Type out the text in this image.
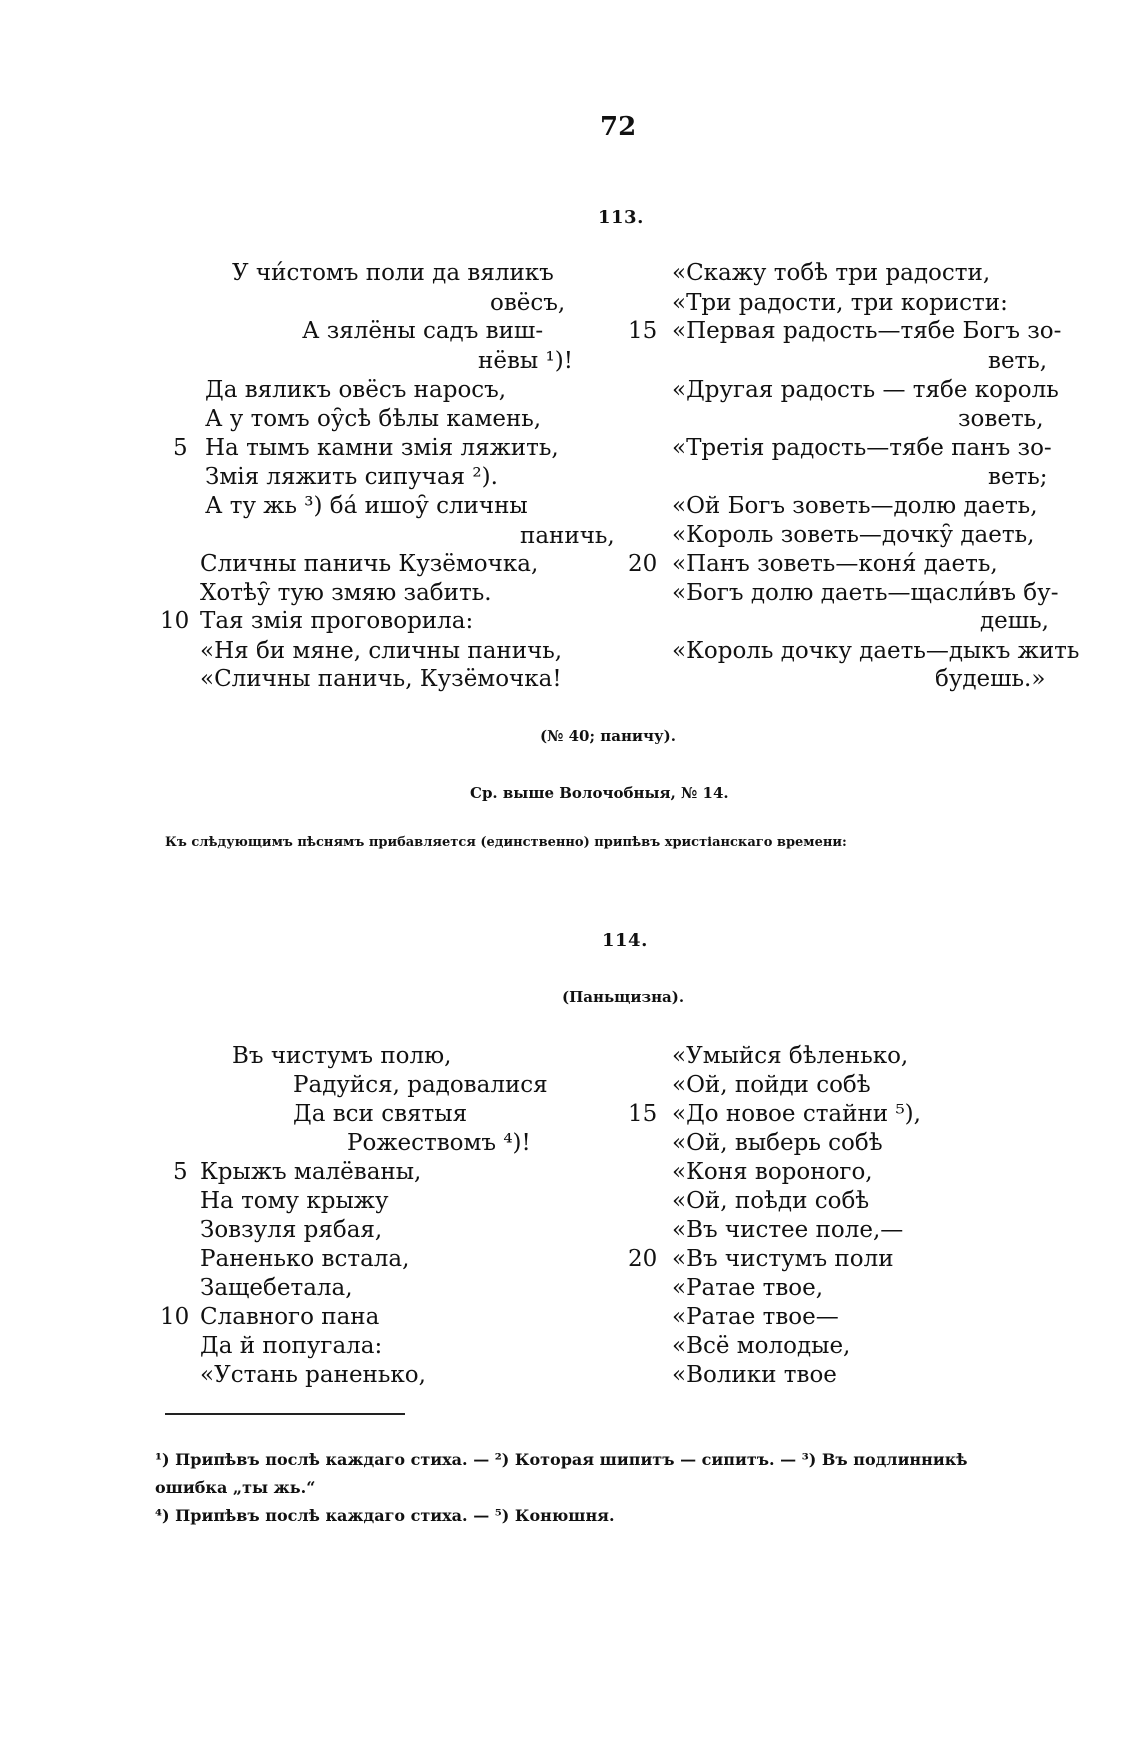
72
113.
У чи́стомъ поли да вяликъ
овёсъ,
А зялёны садъ виш-
нёвы ¹)!
Да вяликъ овёсъ наросъ,
А у томъ оу̑сѣ бѣлы камень,
5 На тымъ камни змія ляжить,
Змія ляжить сипучая ²).
А ту жь ³) ба́ ишоу̑ сличны
паничь,
Сличны паничь Кузёмочка,
Хотѣу̑ тую змяю забить.
10 Тая змія проговорила:
«Ня би мяне, сличны паничь,
«Сличны паничь, Кузёмочка!
«Скажу тобѣ три радости,
«Три радости, три користи:
15 «Первая радость—тябе Богъ зо-
веть,
«Другая радость — тябе король
зоветь,
«Третія радость—тябе панъ зо-
веть;
«Ой Богъ зоветь—долю даеть,
«Король зоветь—дочку̑ даеть,
20 «Панъ зоветь—коня́ даеть,
«Богъ долю даеть—щасли́въ бу-
дешь,
«Король дочку даеть—дыкъ жить
будешь.»
(№ 40; паничу).
Ср. выше Волочобныя, № 14.
Къ слѣдующимъ пѣснямъ прибавляется (единственно) припѣвъ христіанскаго времени:
114.
(Паньщизна).
Въ чистумъ полю,
Радуйся, радовалися
Да вси святыя
Рожествомъ ⁴)!
5 Крыжъ малёваны,
На тому крыжу
Зовзуля рябая,
Раненько встала,
Защебетала,
10 Славного пана
Да й попугала:
«Устань раненько,
«Умыйся бѣленько,
«Ой, пойди собѣ
15 «До новое стайни ⁵),
«Ой, выберь собѣ
«Коня вороного,
«Ой, поѣди собѣ
«Въ чистее поле,—
20 «Въ чистумъ поли
«Ратае твое,
«Ратае твое—
«Всё молодые,
«Волики твое
¹) Припѣвъ послѣ каждаго стиха. — ²) Которая шипитъ — сипитъ. — ³) Въ подлинникѣ
ошибка „ты жь.“
⁴) Припѣвъ послѣ каждаго стиха. — ⁵) Конюшня.
